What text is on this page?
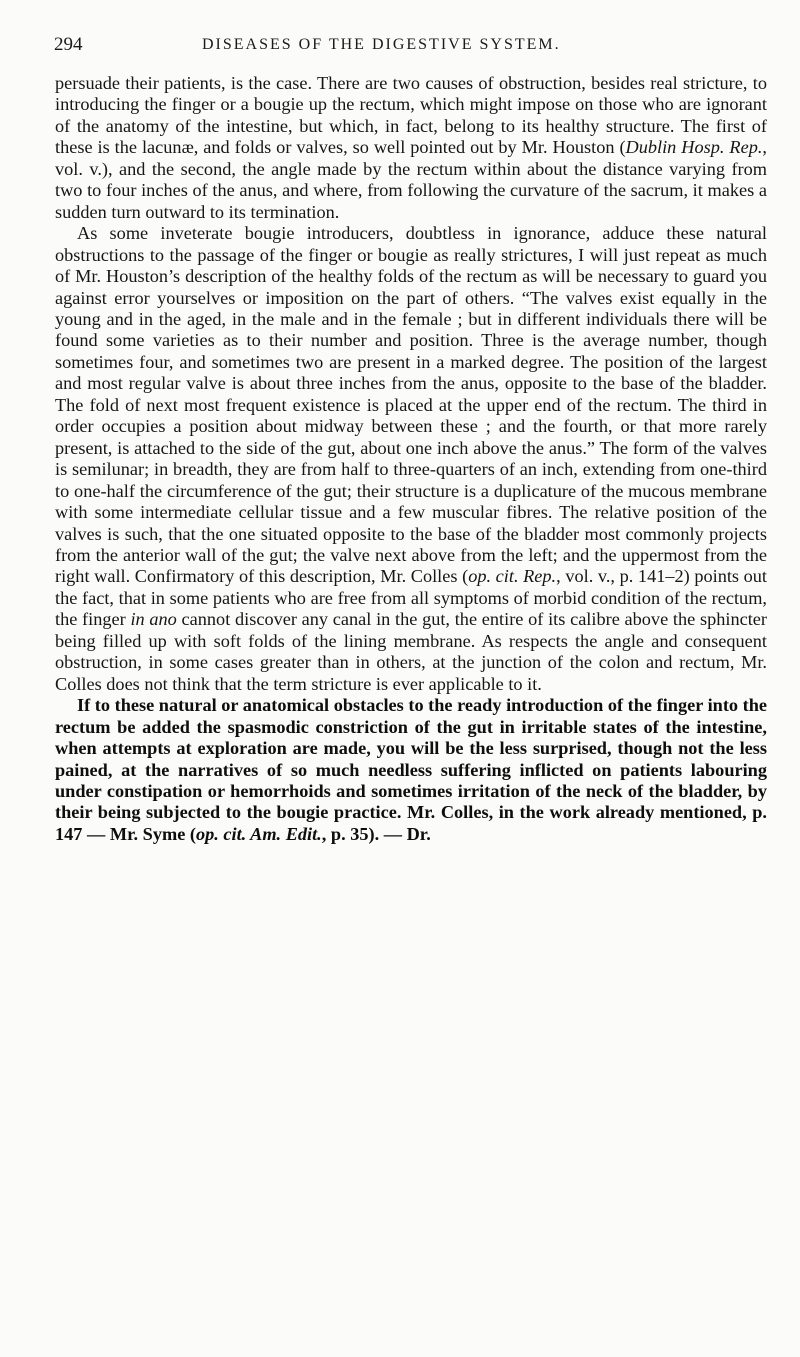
294	DISEASES OF THE DIGESTIVE SYSTEM.

persuade their patients, is the case. There are two causes of obstruction, besides real stricture, to introducing the finger or a bougie up the rectum, which might impose on those who are ignorant of the anatomy of the intestine, but which, in fact, belong to its healthy structure. The first of these is the lacunæ, and folds or valves, so well pointed out by Mr. Houston (Dublin Hosp. Rep., vol. v.), and the second, the angle made by the rectum within about the distance varying from two to four inches of the anus, and where, from following the curvature of the sacrum, it makes a sudden turn outward to its termination.

As some inveterate bougie introducers, doubtless in ignorance, adduce these natural obstructions to the passage of the finger or bougie as really strictures, I will just repeat as much of Mr. Houston’s description of the healthy folds of the rectum as will be necessary to guard you against error yourselves or imposition on the part of others. “The valves exist equally in the young and in the aged, in the male and in the female ; but in different individuals there will be found some varieties as to their number and position. Three is the average number, though sometimes four, and sometimes two are present in a marked degree. The position of the largest and most regular valve is about three inches from the anus, opposite to the base of the bladder. The fold of next most frequent existence is placed at the upper end of the rectum. The third in order occupies a position about midway between these ; and the fourth, or that more rarely present, is attached to the side of the gut, about one inch above the anus.” The form of the valves is semilunar; in breadth, they are from half to three-quarters of an inch, extending from one-third to one-half the circumference of the gut; their structure is a duplicature of the mucous membrane with some intermediate cellular tissue and a few muscular fibres. The relative position of the valves is such, that the one situated opposite to the base of the bladder most commonly projects from the anterior wall of the gut; the valve next above from the left; and the uppermost from the right wall. Confirmatory of this description, Mr. Colles (op. cit. Rep., vol. v., p. 141–2) points out the fact, that in some patients who are free from all symptoms of morbid condition of the rectum, the finger in ano cannot discover any canal in the gut, the entire of its calibre above the sphincter being filled up with soft folds of the lining membrane. As respects the angle and consequent obstruction, in some cases greater than in others, at the junction of the colon and rectum, Mr. Colles does not think that the term stricture is ever applicable to it.

If to these natural or anatomical obstacles to the ready introduction of the finger into the rectum be added the spasmodic constriction of the gut in irritable states of the intestine, when attempts at exploration are made, you will be the less surprised, though not the less pained, at the narratives of so much needless suffering inflicted on patients labouring under constipation or hemorrhoids and sometimes irritation of the neck of the bladder, by their being subjected to the bougie practice. Mr. Colles, in the work already mentioned, p. 147 — Mr. Syme (op. cit. Am. Edit., p. 35). — Dr.
